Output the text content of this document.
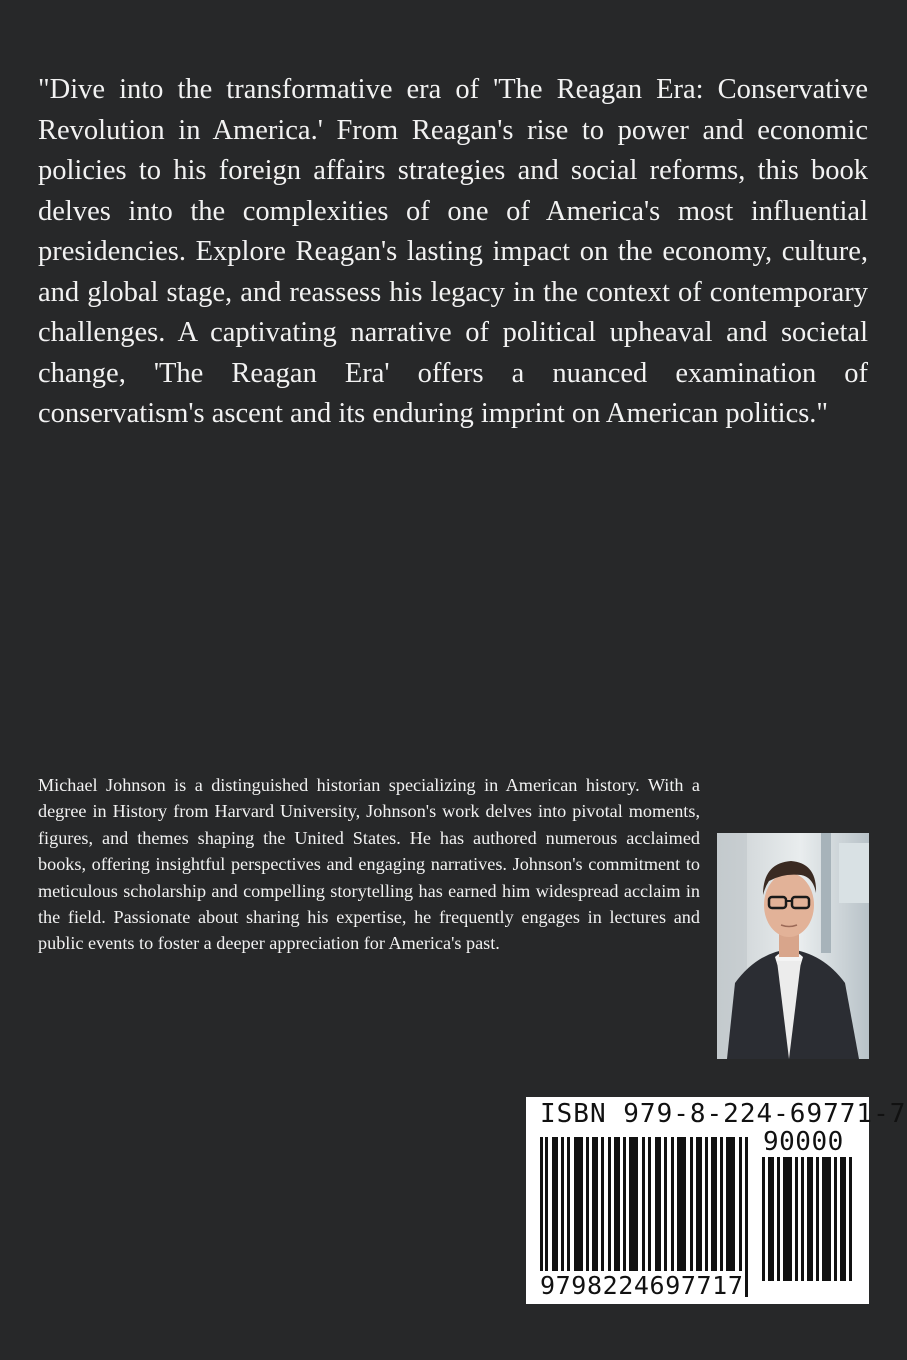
"Dive into the transformative era of 'The Reagan Era: Conservative Revolution in America.' From Reagan's rise to power and economic policies to his foreign affairs strategies and social reforms, this book delves into the complexities of one of America's most influential presidencies. Explore Reagan's lasting impact on the economy, culture, and global stage, and reassess his legacy in the context of contemporary challenges. A captivating narrative of political upheaval and societal change, 'The Reagan Era' offers a nuanced examination of conservatism's ascent and its enduring imprint on American politics."

Michael Johnson is a distinguished historian specializing in American history. With a degree in History from Harvard University, Johnson's work delves into pivotal moments, figures, and themes shaping the United States. He has authored numerous acclaimed books, offering insightful perspectives and engaging narratives. Johnson's commitment to meticulous scholarship and compelling storytelling has earned him widespread acclaim in the field. Passionate about sharing his expertise, he frequently engages in lectures and public events to foster a deeper appreciation for America's past.

ISBN 979-8-224-69771-7
90000
9798224697717
